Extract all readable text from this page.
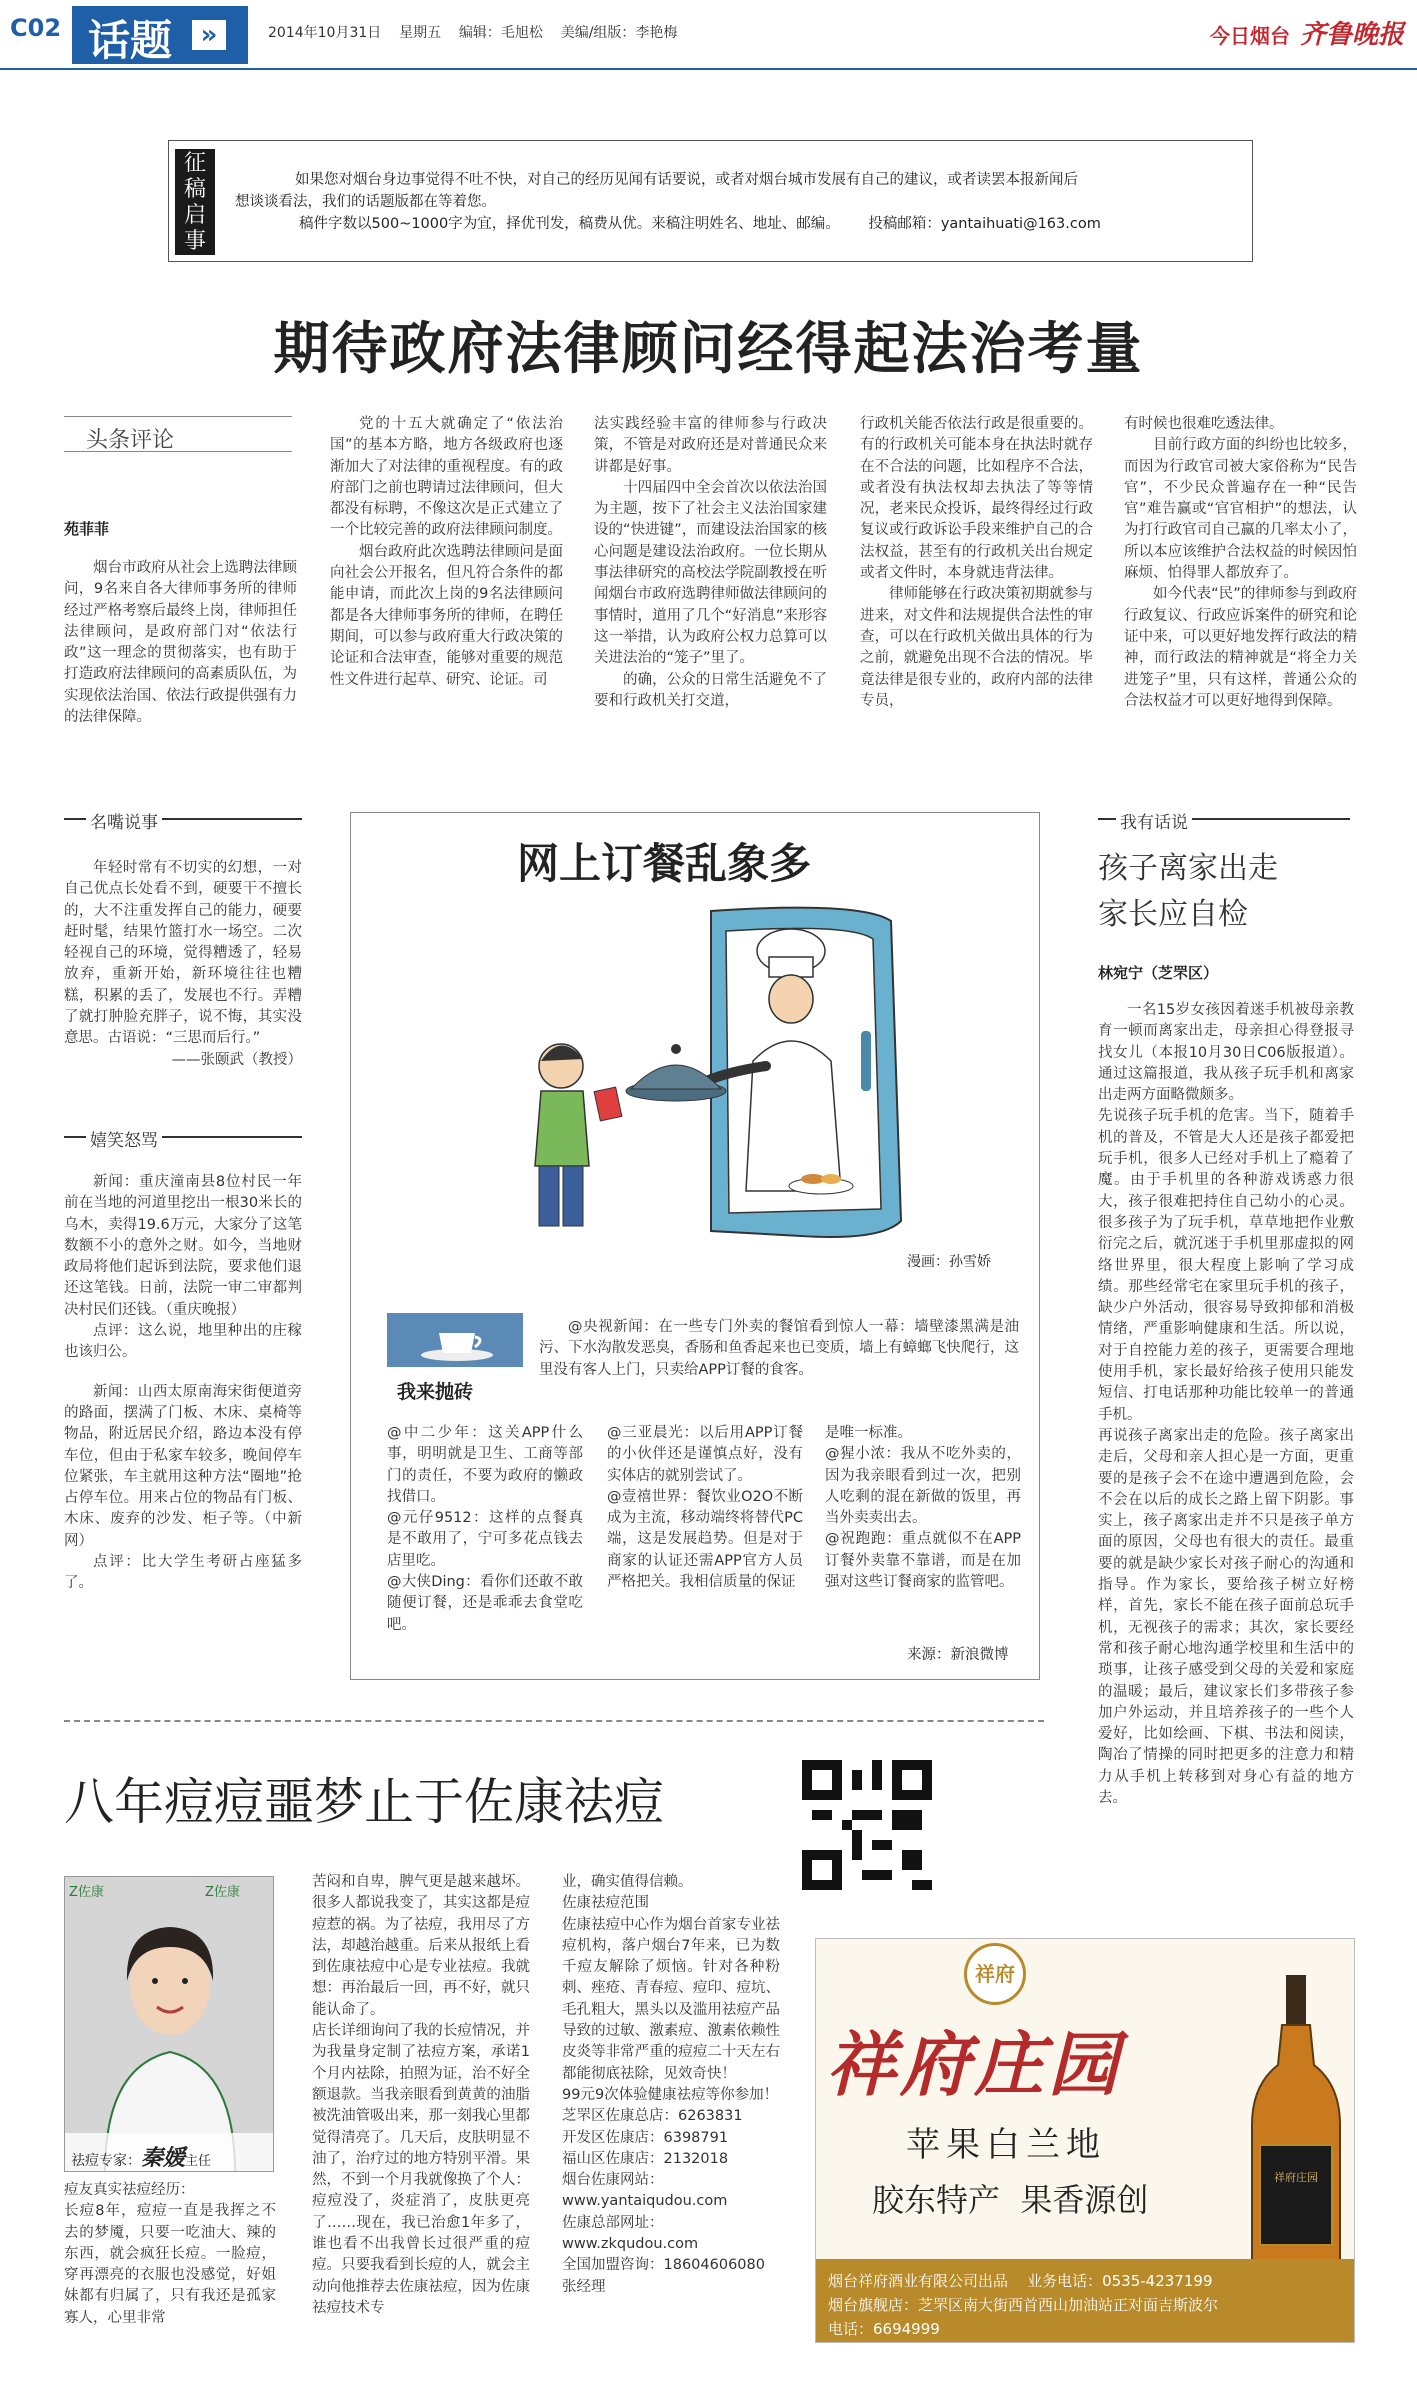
C02 话题	»	2014年10月31日 星期五 编辑：毛旭松 美编/组版：李艳梅	今日烟台 齐鲁晚报
征
稿
启
事
如果您对烟台身边事觉得不吐不快，对自己的经历见闻有话要说，或者对烟台城市发展有自己的建议，或者读罢本报新闻后
想谈谈看法，我们的话题版都在等着您。
稿件字数以500~1000字为宜，择优刊发，稿费从优。来稿注明姓名、地址、邮编。 投稿邮箱：yantaihuati@163.com
期待政府法律顾问经得起法治考量
头条评论
苑菲菲

烟台市政府从社会上选聘法律顾问，9名来自各大律师事务所的律师经过严格考察后最终上岗，律师担任法律顾问，是政府部门对“依法行政”这一理念的贯彻落实，也有助于打造政府法律顾问的高素质队伍，为实现依法治国、依法行政提供强有力的法律保障。

党的十五大就确定了“依法治国”的基本方略，地方各级政府也逐渐加大了对法律的重视程度。有的政府部门之前也聘请过法律顾问，但大都没有标聘，不像这次是正式建立了一个比较完善的政府法律顾问制度。

烟台政府此次选聘法律顾问是面向社会公开报名，但凡符合条件的都能申请，而此次上岗的9名法律顾问都是各大律师事务所的律师，在聘任期间，可以参与政府重大行政决策的论证和合法审查，能够对重要的规范性文件进行起草、研究、论证。司

法实践经验丰富的律师参与行政决策，不管是对政府还是对普通民众来讲都是好事。

十四届四中全会首次以依法治国为主题，按下了社会主义法治国家建设的“快进键”，而建设法治国家的核心问题是建设法治政府。一位长期从事法律研究的高校法学院副教授在听闻烟台市政府选聘律师做法律顾问的事情时，道用了几个“好消息”来形容这一举措，认为政府公权力总算可以关进法治的“笼子”里了。

的确，公众的日常生活避免不了要和行政机关打交道，

行政机关能否依法行政是很重要的。有的行政机关可能本身在执法时就存在不合法的问题，比如程序不合法，或者没有执法权却去执法了等等情况，老来民众投诉，最终得经过行政复议或行政诉讼手段来维护自己的合法权益，甚至有的行政机关出台规定或者文件时，本身就违背法律。

律师能够在行政决策初期就参与进来，对文件和法规提供合法性的审查，可以在行政机关做出具体的行为之前，就避免出现不合法的情况。毕竟法律是很专业的，政府内部的法律专员，

有时候也很难吃透法律。

目前行政方面的纠纷也比较多，而因为行政官司被大家俗称为“民告官”，不少民众普遍存在一种“民告官”难告赢或“官官相护”的想法，认为打行政官司自己赢的几率太小了，所以本应该维护合法权益的时候因怕麻烦、怕得罪人都放弃了。

如今代表“民”的律师参与到政府行政复议、行政应诉案件的研究和论证中来，可以更好地发挥行政法的精神，而行政法的精神就是“将全力关进笼子”里，只有这样，普通公众的合法权益才可以更好地得到保障。

名嘴说事

年轻时常有不切实的幻想，一对自己优点长处看不到，硬要干不擅长的，大不注重发挥自己的能力，硬要赶时髦，结果竹篮打水一场空。二次轻视自己的环境，觉得糟透了，轻易放弃，重新开始，新环境往往也糟糕，积累的丢了，发展也不行。弄糟了就打肿脸充胖子，说不悔，其实没意思。古语说：“三思而后行。”

——张颐武（教授）
嬉笑怒骂

新闻：重庆潼南县8位村民一年前在当地的河道里挖出一根30米长的乌木，卖得19.6万元，大家分了这笔数额不小的意外之财。如今，当地财政局将他们起诉到法院，要求他们退还这笔钱。日前，法院一审二审都判决村民们还钱。（重庆晚报）

点评：这么说，地里种出的庄稼也该归公。

新闻：山西太原南海宋街便道旁的路面，摆满了门板、木床、桌椅等物品，附近居民介绍，路边本没有停车位，但由于私家车较多，晚间停车位紧张，车主就用这种方法“圈地”抢占停车位。用来占位的物品有门板、木床、废弃的沙发、柜子等。（中新网）

点评：比大学生考研占座猛多了。

网上订餐乱象多
漫画：孙雪娇
我来抛砖

@央视新闻：在一些专门外卖的餐馆看到惊人一幕：墙壁漆黑满是油污、下水沟散发恶臭，香肠和鱼香起来也已变质，墙上有蟑螂飞快爬行，这里没有客人上门，只卖给APP订餐的食客。

@中二少年：这关APP什么事，明明就是卫生、工商等部门的责任，不要为政府的懒政找借口。
@元仔9512：这样的点餐真是不敢用了，宁可多花点钱去店里吃。
@大侠Ding：看你们还敢不敢随便订餐，还是乖乖去食堂吃吧。
@三亚晨光：以后用APP订餐的小伙伴还是谨慎点好，没有实体店的就别尝试了。
@壹禧世界：餐饮业O2O不断成为主流，移动端终将替代PC端，这是发展趋势。但是对于商家的认证还需APP官方人员严格把关。我相信质量的保证
是唯一标准。
@猩小浓：我从不吃外卖的，因为我亲眼看到过一次，把别人吃剩的混在新做的饭里，再当外卖卖出去。
@祝跑跑：重点就似不在APP订餐外卖靠不靠谱，而是在加强对这些订餐商家的监管吧。
来源：新浪微博
我有话说
孩子离家出走
家长应自检
林宛宁（芝罘区）
一名15岁女孩因着迷手机被母亲教育一顿而离家出走，母亲担心得登报寻找女儿（本报10月30日C06版报道）。通过这篇报道，我从孩子玩手机和离家出走两方面略微颇多。
先说孩子玩手机的危害。当下，随着手机的普及，不管是大人还是孩子都爱把玩手机，很多人已经对手机上了瘾着了魔。由于手机里的各种游戏诱惑力很大，孩子很难把持住自己幼小的心灵。很多孩子为了玩手机，草草地把作业敷衍完之后，就沉迷于手机里那虚拟的网络世界里，很大程度上影响了学习成绩。那些经常宅在家里玩手机的孩子，缺少户外活动，很容易导致抑郁和消极情绪，严重影响健康和生活。所以说，对于自控能力差的孩子，更需要合理地使用手机，家长最好给孩子使用只能发短信、打电话那种功能比较单一的普通手机。
再说孩子离家出走的危险。孩子离家出走后，父母和亲人担心是一方面，更重要的是孩子会不在途中遭遇到危险，会不会在以后的成长之路上留下阴影。事实上，孩子离家出走并不只是孩子单方面的原因，父母也有很大的责任。最重要的就是缺少家长对孩子耐心的沟通和指导。作为家长，要给孩子树立好榜样，首先，家长不能在孩子面前总玩手机，无视孩子的需求；其次，家长要经常和孩子耐心地沟通学校里和生活中的琐事，让孩子感受到父母的关爱和家庭的温暖；最后，建议家长们多带孩子参加户外运动，并且培养孩子的一些个人爱好，比如绘画、下棋、书法和阅读，陶冶了情操的同时把更多的注意力和精力从手机上转移到对身心有益的地方去。
八年痘痘噩梦止于佐康祛痘
Z佐康	Z佐康
祛痘专家：秦媛主任
痘友真实祛痘经历：
长痘8年，痘痘一直是我挥之不去的梦魇，只要一吃油大、辣的东西，就会疯狂长痘。一脸痘，穿再漂亮的衣服也没感觉，好姐妹都有归属了，只有我还是孤家寡人，心里非常
苦闷和自卑，脾气更是越来越坏。很多人都说我变了，其实这都是痘痘惹的祸。为了祛痘，我用尽了方法，却越治越重。后来从报纸上看到佐康祛痘中心是专业祛痘。我就想：再治最后一回，再不好，就只能认命了。
店长详细询问了我的长痘情况，并为我量身定制了祛痘方案，承诺1个月内祛除，拍照为证，治不好全额退款。当我亲眼看到黄黄的油脂被洗油管吸出来，那一刻我心里都觉得清亮了。几天后，皮肤明显不油了，治疗过的地方特别平滑。果然，不到一个月我就像换了个人：痘痘没了，炎症消了，皮肤更亮了……现在，我已治愈1年多了，谁也看不出我曾长过很严重的痘痘。只要我看到长痘的人，就会主动向他推荐去佐康祛痘，因为佐康祛痘技术专
业，确实值得信赖。
佐康祛痘范围
佐康祛痘中心作为烟台首家专业祛痘机构，落户烟台7年来，已为数千痘友解除了烦恼。针对各种粉刺、痤疮、青春痘、痘印、痘坑、毛孔粗大，黑头以及滥用祛痘产品导致的过敏、激素痘、激素依赖性皮炎等非常严重的痘痘二十天左右都能彻底祛除，见效奇快！
99元9次体验健康祛痘等你参加！
芝罘区佐康总店：6263831
开发区佐康店：6398791
福山区佐康店：2132018
烟台佐康网站：
www.yantaiqudou.com
佐康总部网址：
www.zkqudou.com
全国加盟咨询：18604606080
张经理
祥府
祥府庄园
苹果白兰地
胶东特产  果香源创
祥府庄园
烟台祥府酒业有限公司出品 业务电话：0535-4237199
烟台旗舰店：芝罘区南大街西首西山加油站正对面吉斯波尔
电话：6694999
